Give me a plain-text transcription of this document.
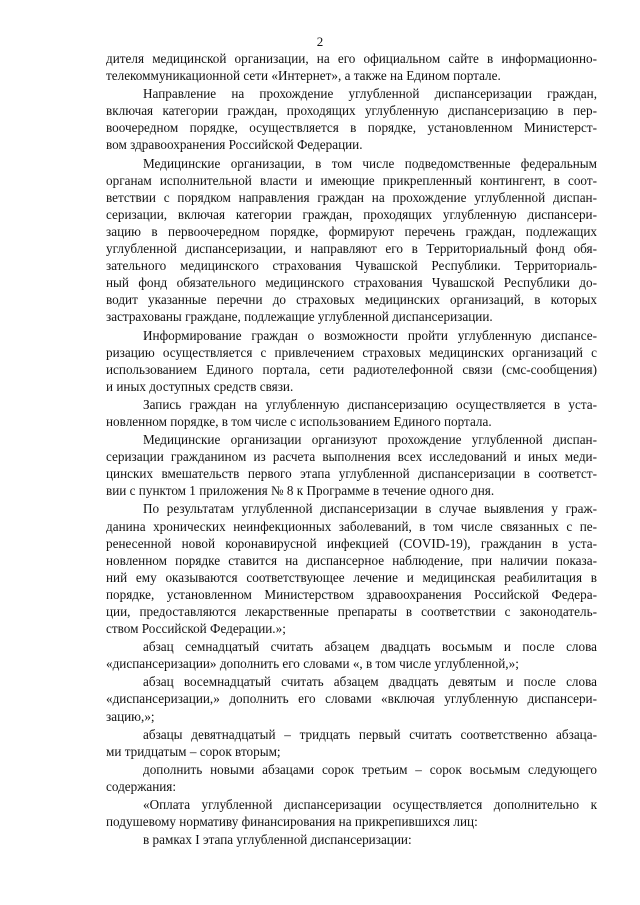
2
дителя медицинской организации, на его официальном сайте в информационно-
телекоммуникационной сети «Интернет», а также на Едином портале.
Направление на прохождение углубленной диспансеризации граждан,
включая категории граждан, проходящих углубленную диспансеризацию в пер-
воочередном порядке, осуществляется в порядке, установленном Министерст-
вом здравоохранения Российской Федерации.
Медицинские организации, в том числе подведомственные федеральным
органам исполнительной власти и имеющие прикрепленный контингент, в соот-
ветствии с порядком направления граждан на прохождение углубленной диспан-
серизации, включая категории граждан, проходящих углубленную диспансери-
зацию в первоочередном порядке, формируют перечень граждан, подлежащих
углубленной диспансеризации, и направляют его в Территориальный фонд обя-
зательного медицинского страхования Чувашской Республики. Территориаль-
ный фонд обязательного медицинского страхования Чувашской Республики до-
водит указанные перечни до страховых медицинских организаций, в которых
застрахованы граждане, подлежащие углубленной диспансеризации.
Информирование граждан о возможности пройти углубленную диспансе-
ризацию осуществляется с привлечением страховых медицинских организаций с
использованием Единого портала, сети радиотелефонной связи (смс-сообщения)
и иных доступных средств связи.
Запись граждан на углубленную диспансеризацию осуществляется в уста-
новленном порядке, в том числе с использованием Единого портала.
Медицинские организации организуют прохождение углубленной диспан-
серизации гражданином из расчета выполнения всех исследований и иных меди-
цинских вмешательств первого этапа углубленной диспансеризации в соответст-
вии с пунктом 1 приложения № 8 к Программе в течение одного дня.
По результатам углубленной диспансеризации в случае выявления у граж-
данина хронических неинфекционных заболеваний, в том числе связанных с пе-
ренесенной новой коронавирусной инфекцией (COVID-19), гражданин в уста-
новленном порядке ставится на диспансерное наблюдение, при наличии показа-
ний ему оказываются соответствующее лечение и медицинская реабилитация в
порядке, установленном Министерством здравоохранения Российской Федера-
ции, предоставляются лекарственные препараты в соответствии с законодатель-
ством Российской Федерации.»;
абзац семнадцатый считать абзацем двадцать восьмым и после слова
«диспансеризации» дополнить его словами «, в том числе углубленной,»;
абзац восемнадцатый считать абзацем двадцать девятым и после слова
«диспансеризации,» дополнить его словами «включая углубленную диспансери-
зацию,»;
абзацы девятнадцатый – тридцать первый считать соответственно абзаца-
ми тридцатым – сорок вторым;
дополнить новыми абзацами сорок третьим – сорок восьмым следующего
содержания:
«Оплата углубленной диспансеризации осуществляется дополнительно к
подушевому нормативу финансирования на прикрепившихся лиц:
в рамках I этапа углубленной диспансеризации:
